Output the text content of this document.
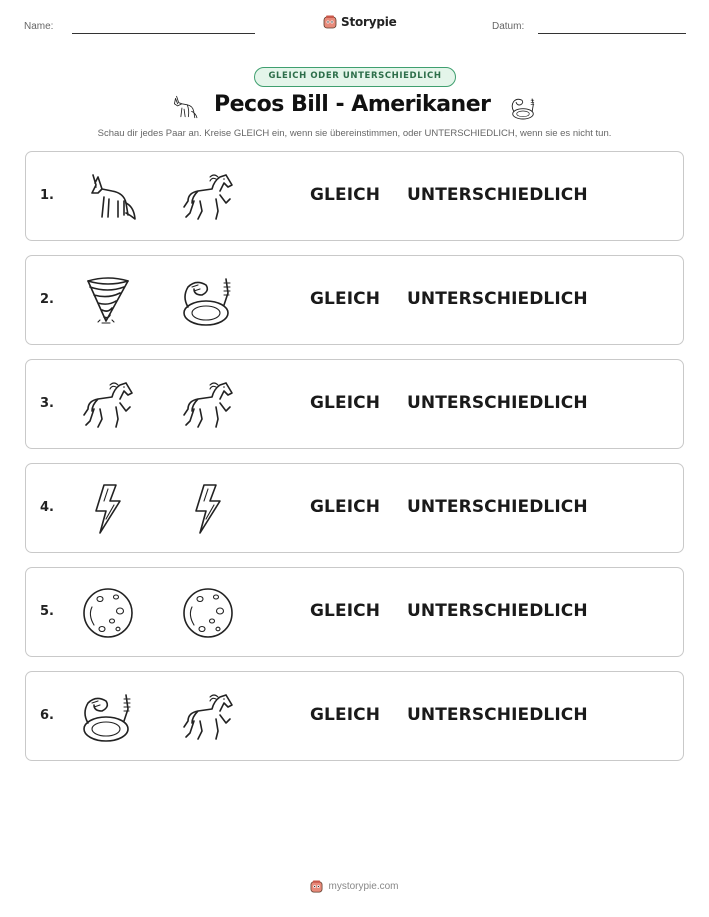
Name:	Storypie	Datum:
GLEICH ODER UNTERSCHIEDLICH
Pecos Bill - Amerikaner
Schau dir jedes Paar an. Kreise GLEICH ein, wenn sie übereinstimmen, oder UNTERSCHIEDLICH, wenn sie es nicht tun.
1.	GLEICH UNTERSCHIEDLICH
2.	GLEICH UNTERSCHIEDLICH
3.	GLEICH UNTERSCHIEDLICH
4.	GLEICH UNTERSCHIEDLICH
5.	GLEICH UNTERSCHIEDLICH
6.	GLEICH UNTERSCHIEDLICH
mystorypie.com
